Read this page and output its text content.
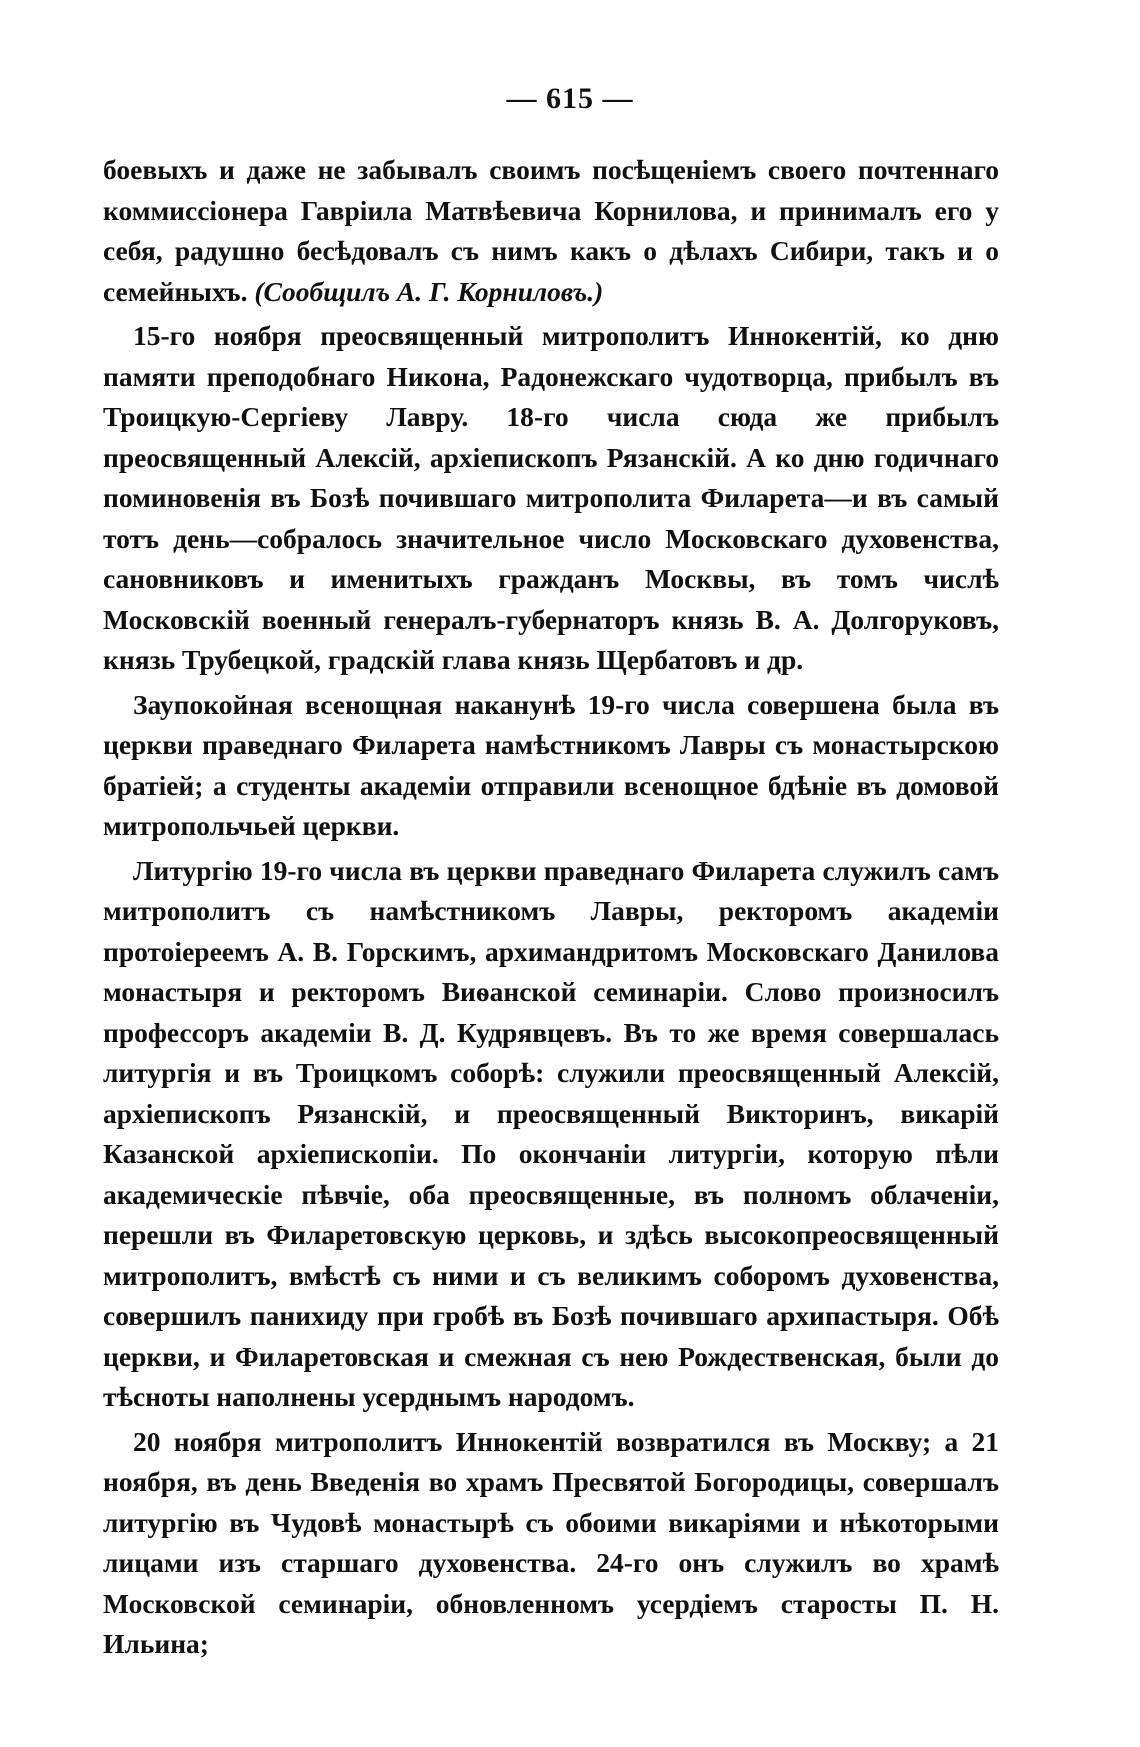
— 615 —

боевыхъ и даже не забывалъ своимъ посѣщеніемъ своего почтеннаго коммиссіонера Гавріила Матвѣевича Корнилова, и принималъ его у себя, радушно бесѣдовалъ съ нимъ какъ о дѣлахъ Сибири, такъ и о семейныхъ. (Сообщилъ А. Г. Корниловъ.)

15-го ноября преосвященный митрополитъ Иннокентій, ко дню памяти преподобнаго Никона, Радонежскаго чудотворца, прибылъ въ Троицкую-Сергіеву Лавру. 18-го числа сюда же прибылъ преосвященный Алексій, архіепископъ Рязанскій. А ко дню годичнаго поминовенія въ Бозѣ почившаго митрополита Филарета—и въ самый тотъ день—собралось значительное число Московскаго духовенства, сановниковъ и именитыхъ гражданъ Москвы, въ томъ числѣ Московскій военный генералъ-губернаторъ князь В. А. Долгоруковъ, князь Трубецкой, градскій глава князь Щербатовъ и др.

Заупокойная всенощная наканунѣ 19-го числа совершена была въ церкви праведнаго Филарета намѣстникомъ Лавры съ монастырскою братіей; а студенты академіи отправили всенощное бдѣніе въ домовой митропольчьей церкви.

Литургію 19-го числа въ церкви праведнаго Филарета служилъ самъ митрополитъ съ намѣстникомъ Лавры, ректоромъ академіи протоіереемъ А. В. Горскимъ, архимандритомъ Московскаго Данилова монастыря и ректоромъ Виѳанской семинаріи. Слово произносилъ профессоръ академіи В. Д. Кудрявцевъ. Въ то же время совершалась литургія и въ Троицкомъ соборѣ: служили преосвященный Алексій, архіепископъ Рязанскій, и преосвященный Викторинъ, викарій Казанской архіепископіи. По окончаніи литургіи, которую пѣли академическіе пѣвчіе, оба преосвященные, въ полномъ облаченіи, перешли въ Филаретовскую церковь, и здѣсь высокопреосвященный митрополитъ, вмѣстѣ съ ними и съ великимъ соборомъ духовенства, совершилъ панихиду при гробѣ въ Бозѣ почившаго архипастыря. Обѣ церкви, и Филаретовская и смежная съ нею Рождественская, были до тѣсноты наполнены усерднымъ народомъ.

20 ноября митрополитъ Иннокентій возвратился въ Москву; а 21 ноября, въ день Введенія во храмъ Пресвятой Богородицы, совершалъ литургію въ Чудовѣ монастырѣ съ обоими викаріями и нѣкоторыми лицами изъ старшаго духовенства. 24-го онъ служилъ во храмѣ Московской семинаріи, обновленномъ усердіемъ старосты П. Н. Ильина;
